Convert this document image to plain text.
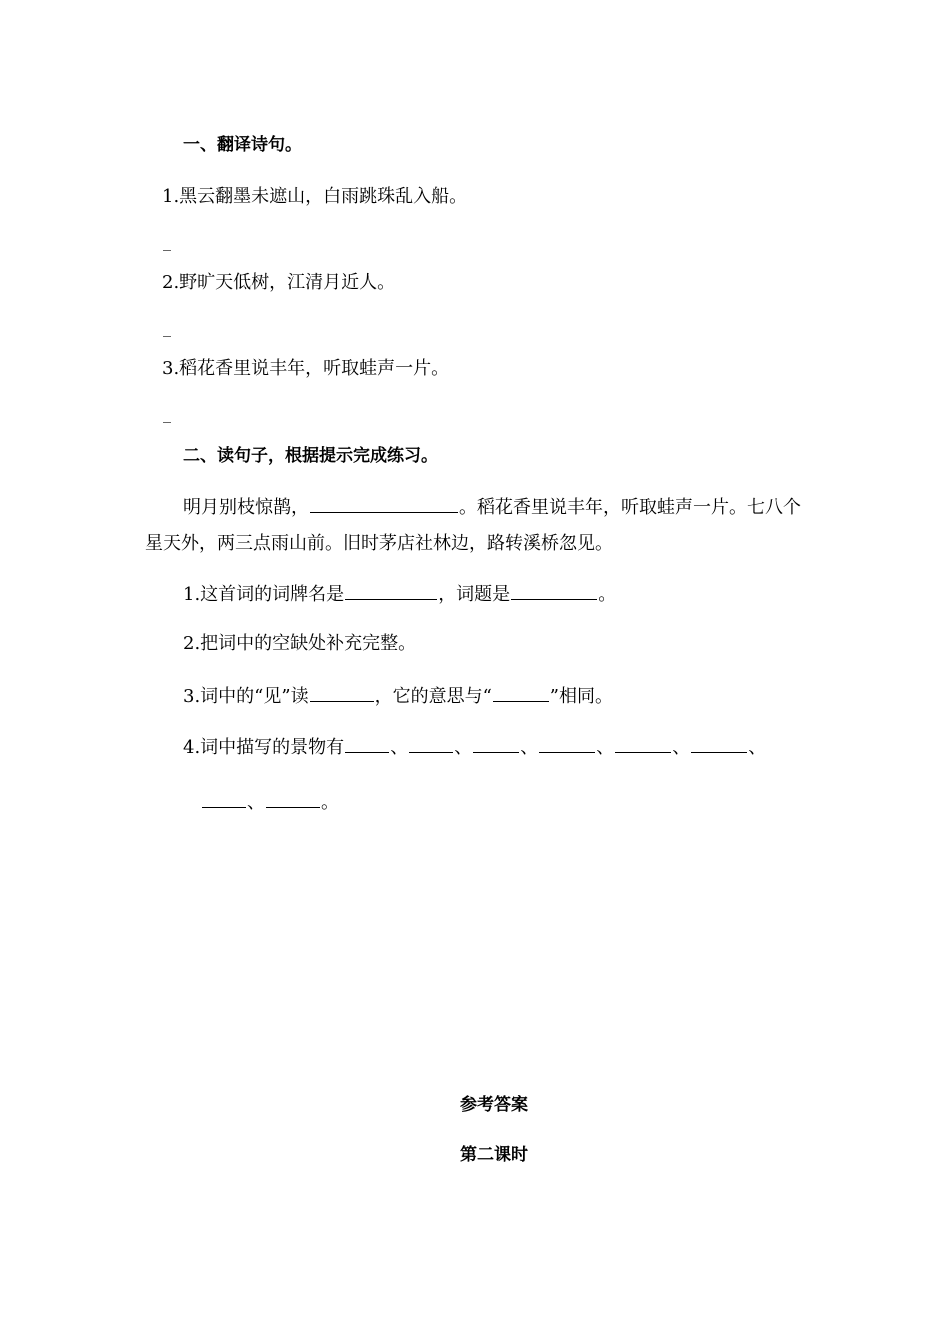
一、翻译诗句。
1.黑云翻墨未遮山，白雨跳珠乱入船。
_
2.野旷天低树，江清月近人。
_
3.稻花香里说丰年，听取蛙声一片。
_
二、读句子，根据提示完成练习。
明月别枝惊鹊，	。稻花香里说丰年，听取蛙声一片。七八个
星天外，两三点雨山前。旧时茅店社林边，路转溪桥忽见。
1.这首词的词牌名是	，词题是	。
2.把词中的空缺处补充完整。
3.词中的“见”读	，它的意思与“	”相同。
4.词中描写的景物有	、	、	、	、	、	、
、	。
参考答案
第二课时
